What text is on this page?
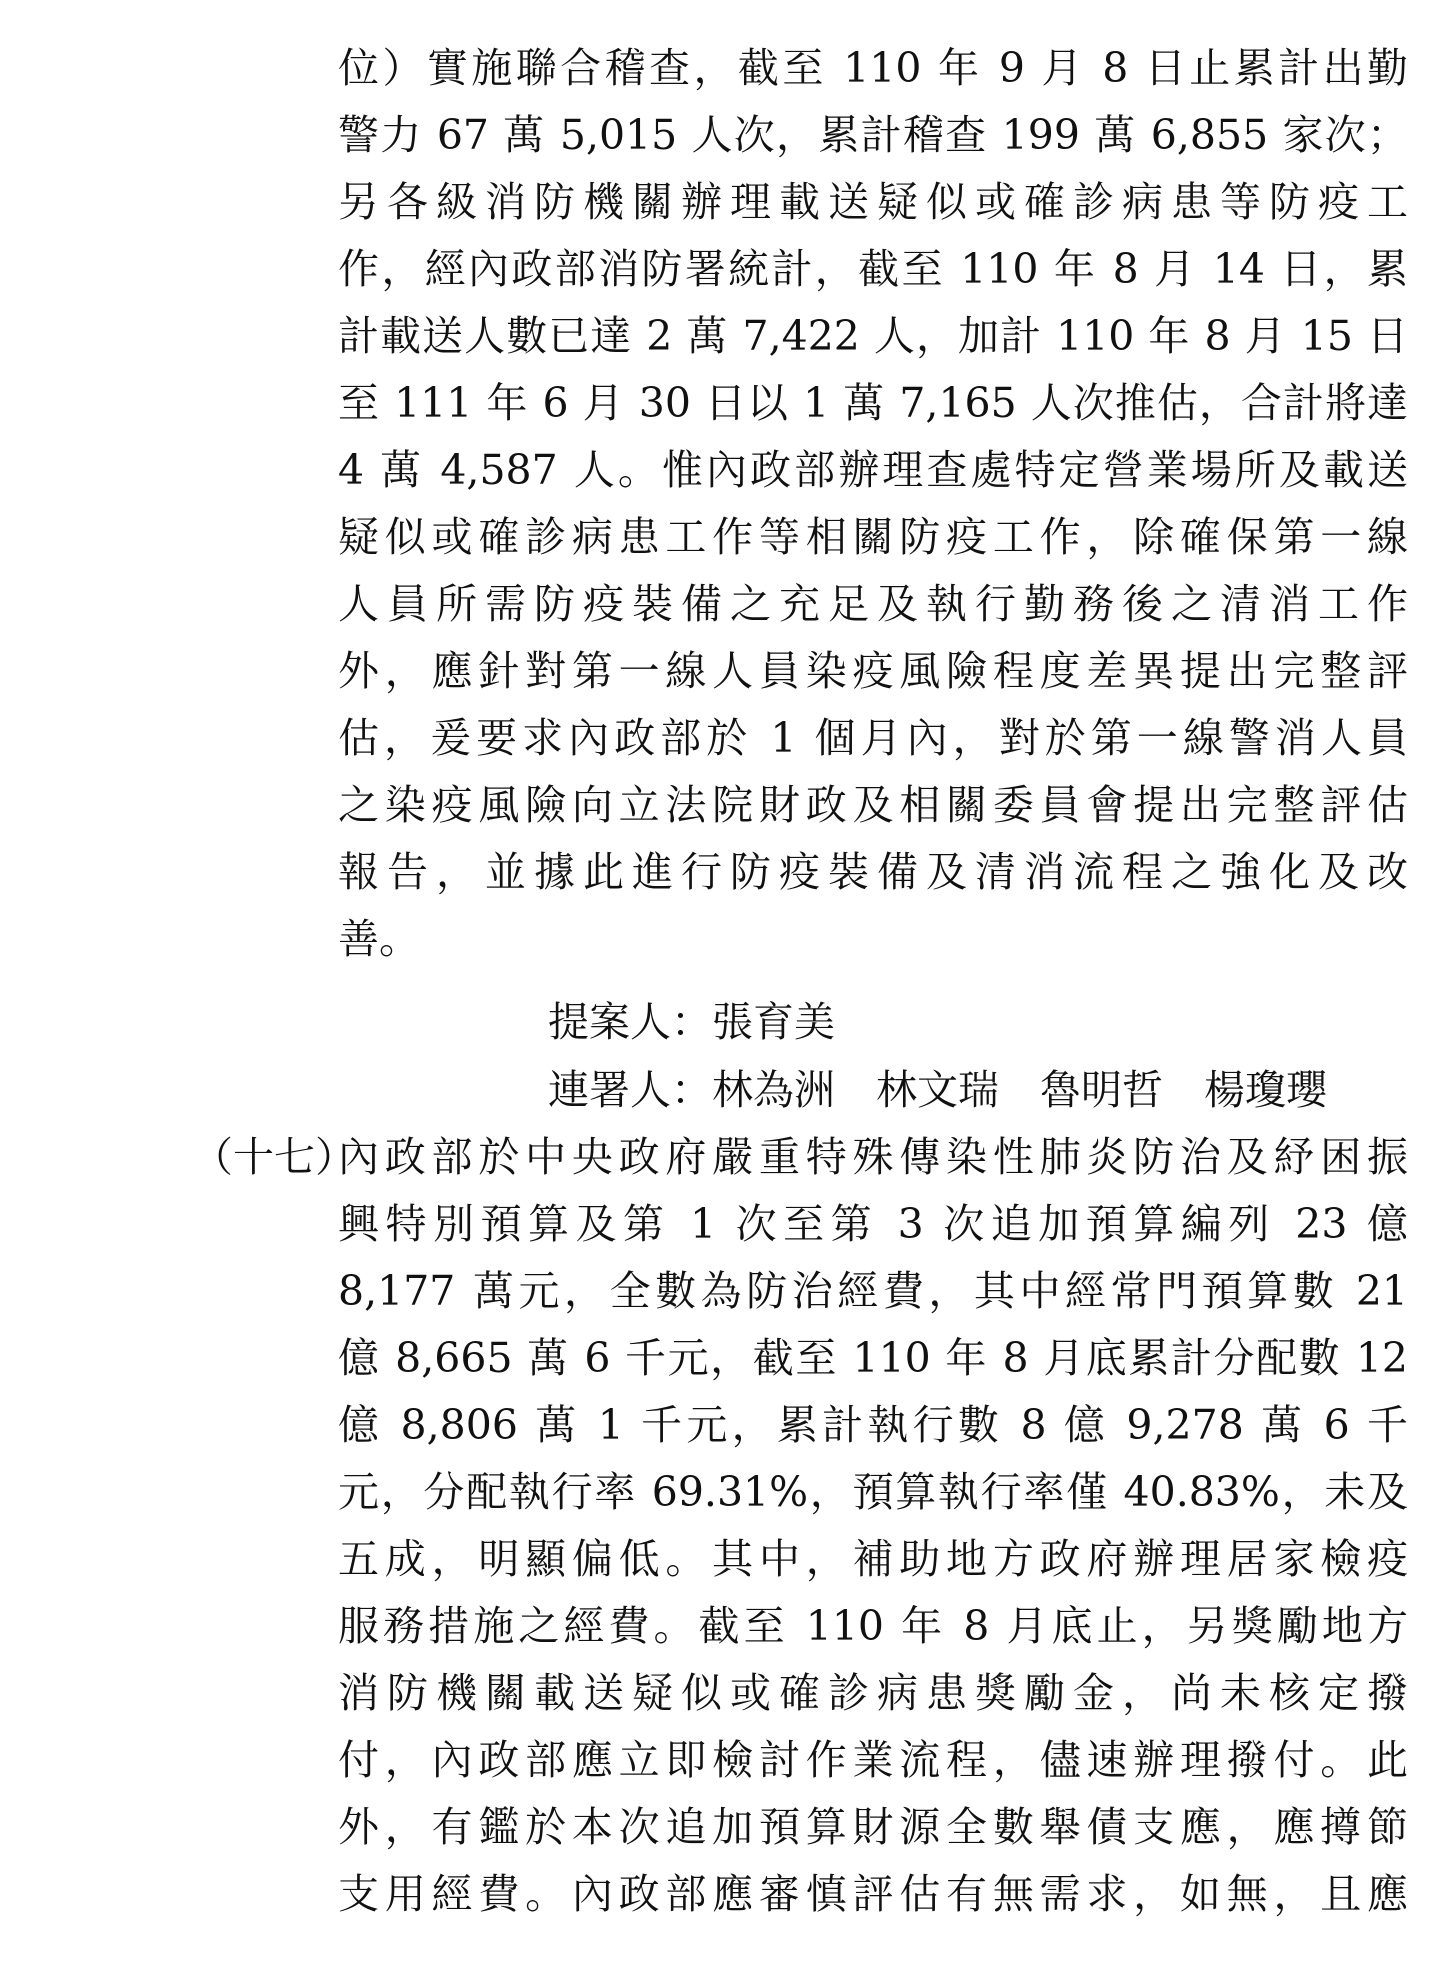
位）實施聯合稽查，截至 110 年 9 月 8 日止累計出勤
警力 67 萬 5,015 人次，累計稽查 199 萬 6,855 家次；
另各級消防機關辦理載送疑似或確診病患等防疫工
作，經內政部消防署統計，截至 110 年 8 月 14 日，累
計載送人數已達 2 萬 7,422 人，加計 110 年 8 月 15 日
至 111 年 6 月 30 日以 1 萬 7,165 人次推估，合計將達
4 萬 4,587 人。惟內政部辦理查處特定營業場所及載送
疑似或確診病患工作等相關防疫工作，除確保第一線
人員所需防疫裝備之充足及執行勤務後之清消工作
外，應針對第一線人員染疫風險程度差異提出完整評
估，爰要求內政部於 1 個月內，對於第一線警消人員
之染疫風險向立法院財政及相關委員會提出完整評估
報告，並據此進行防疫裝備及清消流程之強化及改
善。
提案人：張育美
連署人：林為洲　林文瑞　魯明哲　楊瓊瓔
（十七）
內政部於中央政府嚴重特殊傳染性肺炎防治及紓困振
興特別預算及第 1 次至第 3 次追加預算編列 23 億
8,177 萬元，全數為防治經費，其中經常門預算數 21
億 8,665 萬 6 千元，截至 110 年 8 月底累計分配數 12
億 8,806 萬 1 千元，累計執行數 8 億 9,278 萬 6 千
元，分配執行率 69.31%，預算執行率僅 40.83%，未及
五成，明顯偏低。其中，補助地方政府辦理居家檢疫
服務措施之經費。截至 110 年 8 月底止，另獎勵地方
消防機關載送疑似或確診病患獎勵金，尚未核定撥
付，內政部應立即檢討作業流程，儘速辦理撥付。此
外，有鑑於本次追加預算財源全數舉債支應，應撙節
支用經費。內政部應審慎評估有無需求，如無，且應
